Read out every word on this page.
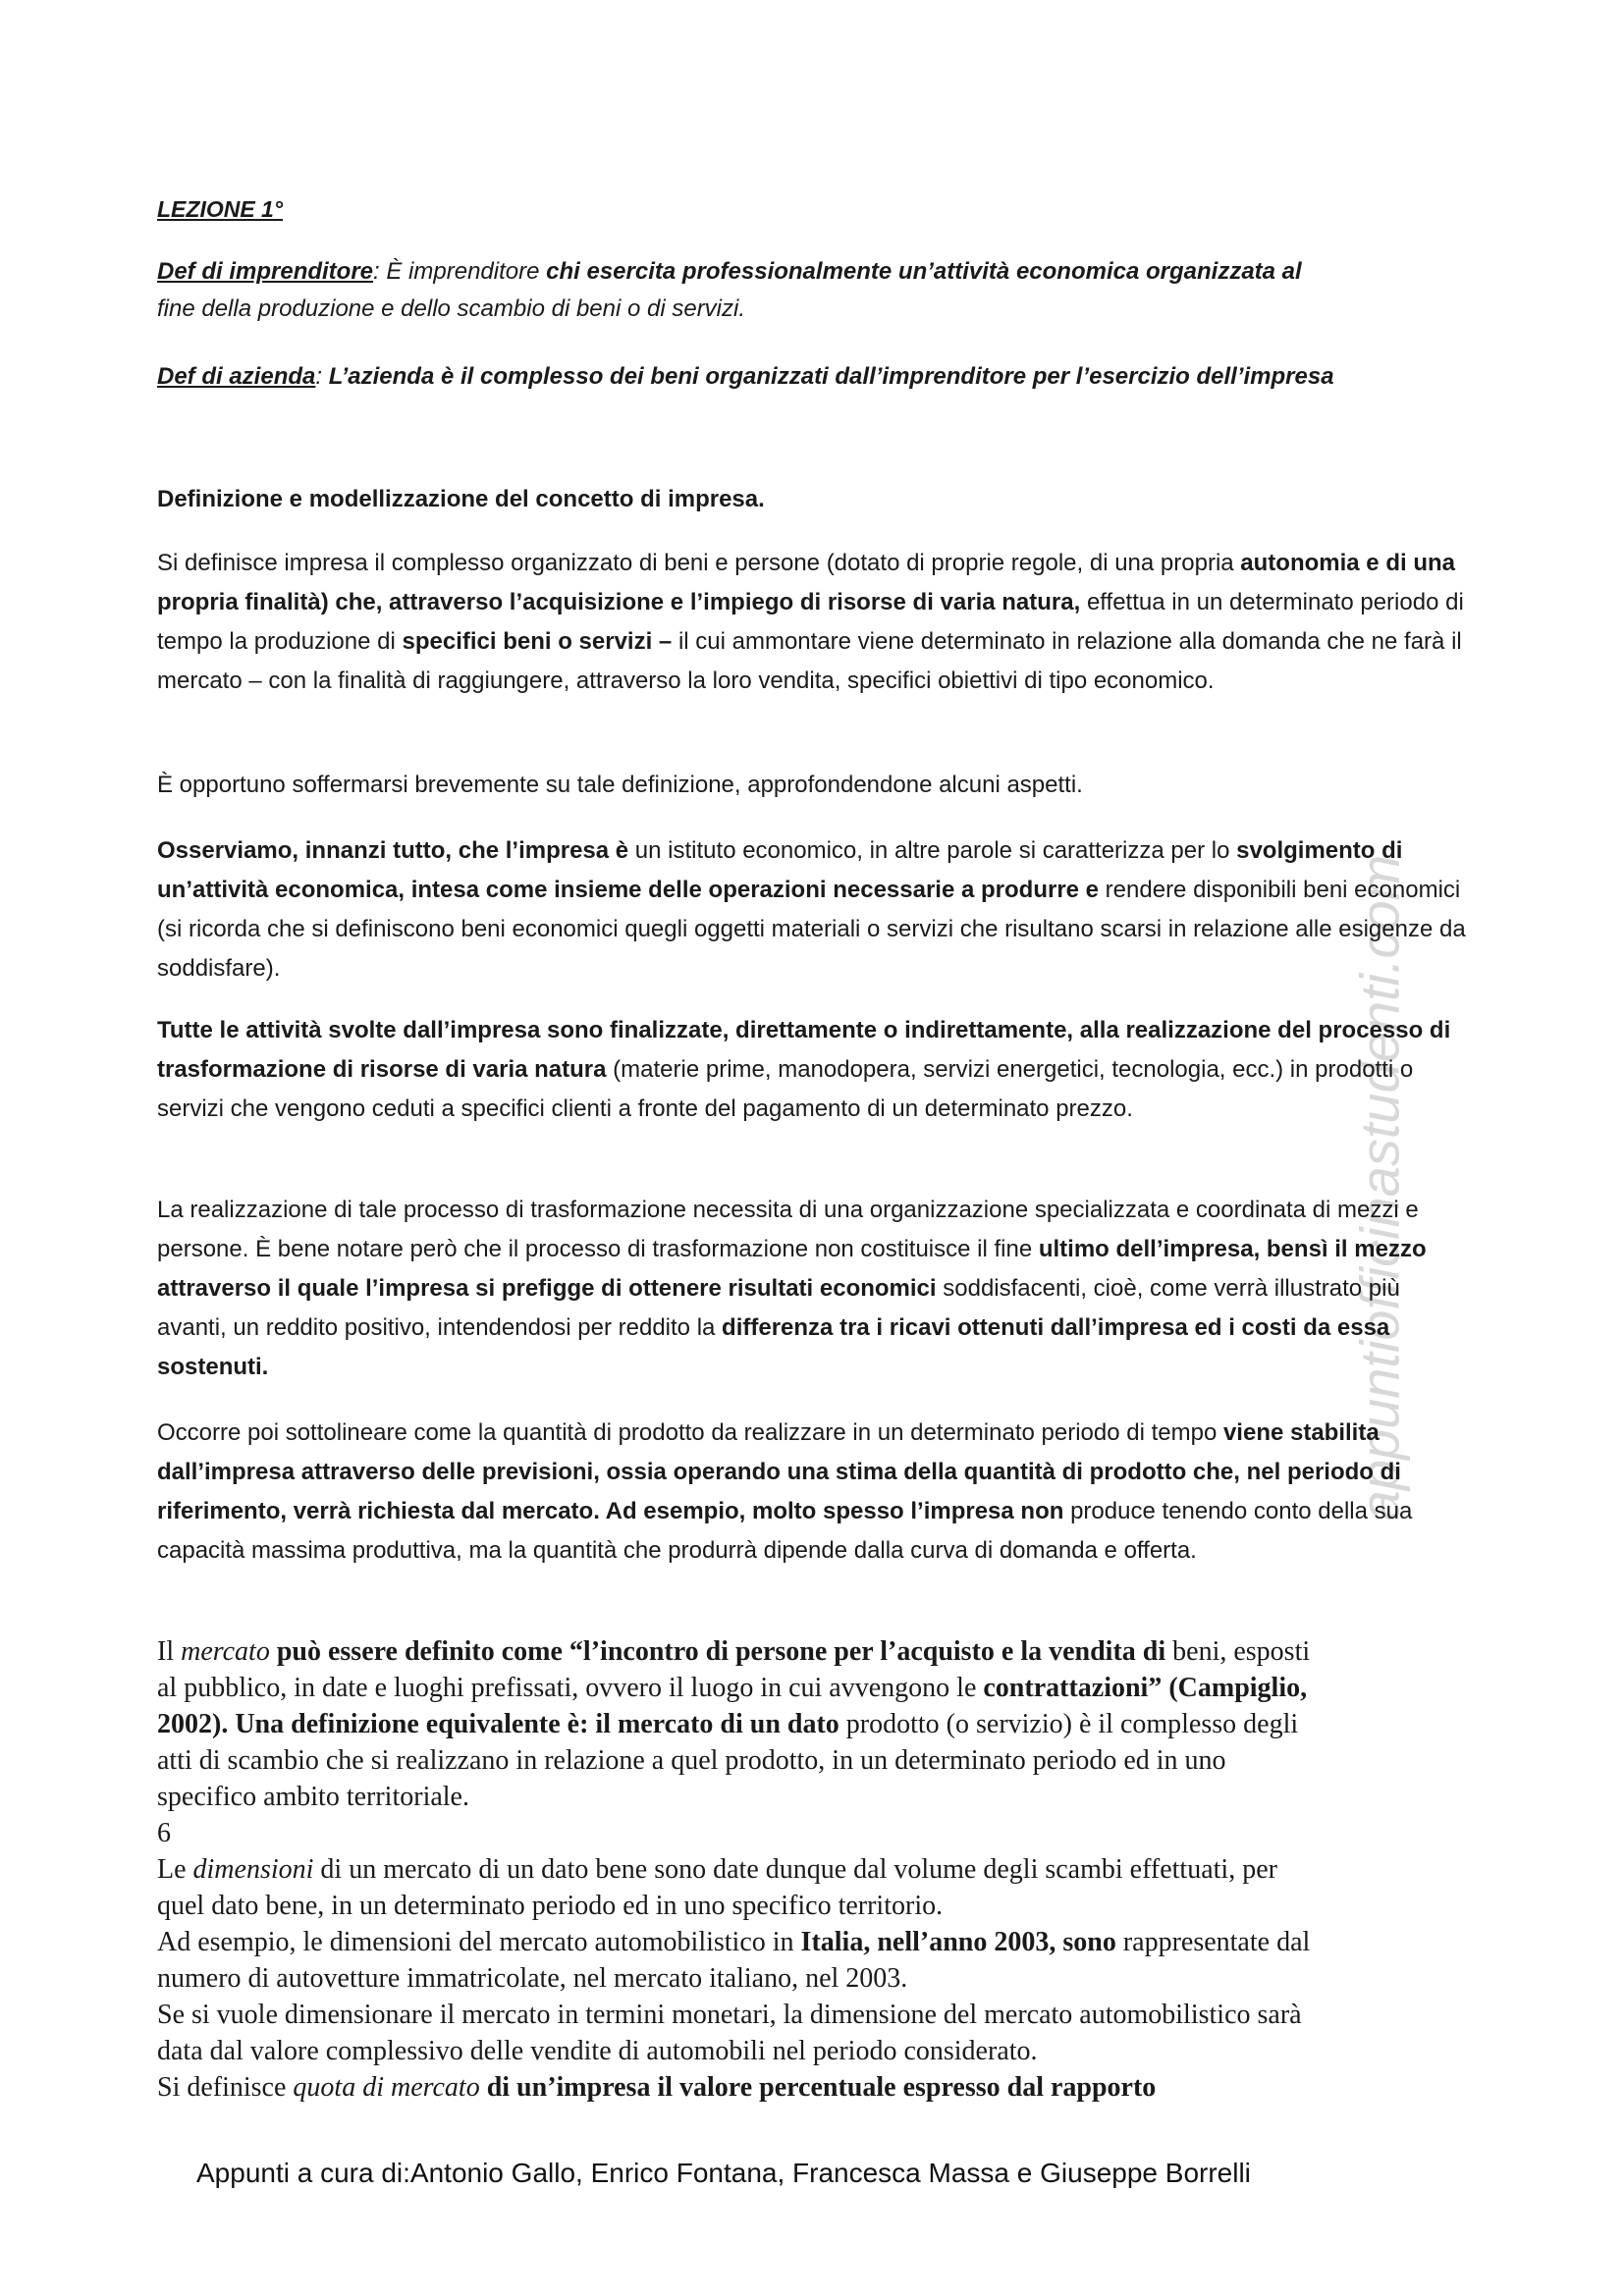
appuntiofficinastudenti.com
LEZIONE 1°
Def di imprenditore: È imprenditore chi esercita professionalmente un’attività economica organizzata al
fine della produzione e dello scambio di beni o di servizi.
Def di azienda: L’azienda è il complesso dei beni organizzati dall’imprenditore per l’esercizio dell’impresa
Definizione e modellizzazione del concetto di impresa.
Si definisce impresa il complesso organizzato di beni e persone (dotato di proprie regole, di una propria autonomia e di una propria finalità) che, attraverso l’acquisizione e l’impiego di risorse di varia natura, effettua in un determinato periodo di tempo la produzione di specifici beni o servizi – il cui ammontare viene determinato in relazione alla domanda che ne farà il mercato – con la finalità di raggiungere, attraverso la loro vendita, specifici obiettivi di tipo economico.
È opportuno soffermarsi brevemente su tale definizione, approfondendone alcuni aspetti.
Osserviamo, innanzi tutto, che l’impresa è un istituto economico, in altre parole si caratterizza per lo svolgimento di un’attività economica, intesa come insieme delle operazioni necessarie a produrre e rendere disponibili beni economici (si ricorda che si definiscono beni economici quegli oggetti materiali o servizi che risultano scarsi in relazione alle esigenze da soddisfare).
Tutte le attività svolte dall’impresa sono finalizzate, direttamente o indirettamente, alla realizzazione del processo di trasformazione di risorse di varia natura (materie prime, manodopera, servizi energetici, tecnologia, ecc.) in prodotti o servizi che vengono ceduti a specifici clienti a fronte del pagamento di un determinato prezzo.
La realizzazione di tale processo di trasformazione necessita di una organizzazione specializzata e coordinata di mezzi e persone. È bene notare però che il processo di trasformazione non costituisce il fine ultimo dell’impresa, bensì il mezzo attraverso il quale l’impresa si prefigge di ottenere risultati economici soddisfacenti, cioè, come verrà illustrato più avanti, un reddito positivo, intendendosi per reddito la differenza tra i ricavi ottenuti dall’impresa ed i costi da essa sostenuti.
Occorre poi sottolineare come la quantità di prodotto da realizzare in un determinato periodo di tempo viene stabilita dall’impresa attraverso delle previsioni, ossia operando una stima della quantità di prodotto che, nel periodo di riferimento, verrà richiesta dal mercato. Ad esempio, molto spesso l’impresa non produce tenendo conto della sua capacità massima produttiva, ma la quantità che produrrà dipende dalla curva di domanda e offerta.
Il mercato può essere definito come “l’incontro di persone per l’acquisto e la vendita di beni, esposti al pubblico, in date e luoghi prefissati, ovvero il luogo in cui avvengono le contrattazioni” (Campiglio, 2002). Una definizione equivalente è: il mercato di un dato prodotto (o servizio) è il complesso degli atti di scambio che si realizzano in relazione a quel prodotto, in un determinato periodo ed in uno specifico ambito territoriale.
6
Le dimensioni di un mercato di un dato bene sono date dunque dal volume degli scambi effettuati, per quel dato bene, in un determinato periodo ed in uno specifico territorio.
Ad esempio, le dimensioni del mercato automobilistico in Italia, nell’anno 2003, sono rappresentate dal numero di autovetture immatricolate, nel mercato italiano, nel 2003.
Se si vuole dimensionare il mercato in termini monetari, la dimensione del mercato automobilistico sarà data dal valore complessivo delle vendite di automobili nel periodo considerato.
Si definisce quota di mercato di un’impresa il valore percentuale espresso dal rapporto
Appunti a cura di:Antonio Gallo, Enrico Fontana, Francesca Massa e Giuseppe Borrelli
